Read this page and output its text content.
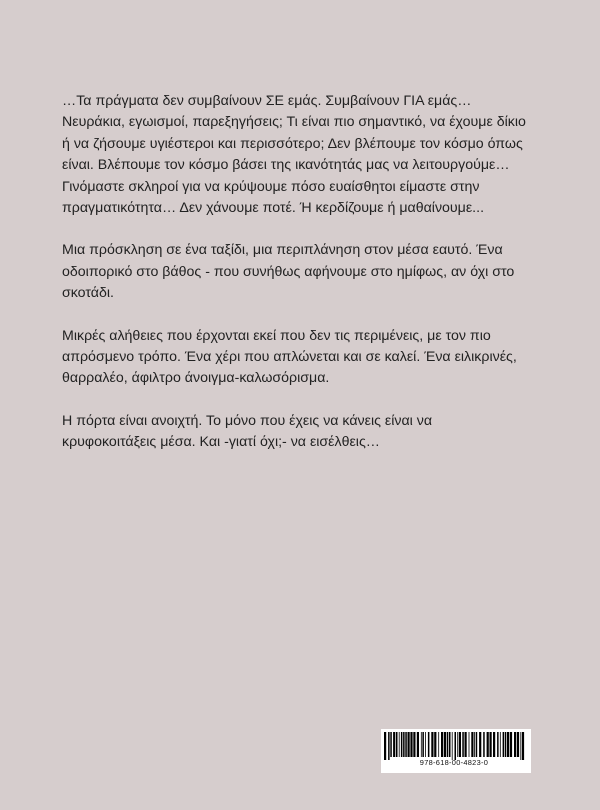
…Τα πράγματα δεν συμβαίνουν ΣΕ εμάς. Συμβαίνουν ΓΙΑ εμάς…
Νευράκια, εγωισμοί, παρεξηγήσεις; Τι είναι πιο σημαντικό, να έχουμε δίκιο
ή να ζήσουμε υγιέστεροι και περισσότερο; Δεν βλέπουμε τον κόσμο όπως
είναι. Βλέπουμε τον κόσμο βάσει της ικανότητάς μας να λειτουργούμε…
Γινόμαστε σκληροί για να κρύψουμε πόσο ευαίσθητοι είμαστε στην
πραγματικότητα… Δεν χάνουμε ποτέ. Ή κερδίζουμε ή μαθαίνουμε...

Μια πρόσκληση σε ένα ταξίδι, μια περιπλάνηση στον μέσα εαυτό. Ένα
οδοιπορικό στο βάθος - που συνήθως αφήνουμε στο ημίφως, αν όχι στο
σκοτάδι.

Μικρές αλήθειες που έρχονται εκεί που δεν τις περιμένεις, με τον πιο
απρόσμενο τρόπο. Ένα χέρι που απλώνεται και σε καλεί. Ένα ειλικρινές,
θαρραλέο, άφιλτρο άνοιγμα-καλωσόρισμα.

Η πόρτα είναι ανοιχτή. Το μόνο που έχεις να κάνεις είναι να
κρυφοκοιτάξεις μέσα. Και -γιατί όχι;- να εισέλθεις…

978-618-00-4823-0
